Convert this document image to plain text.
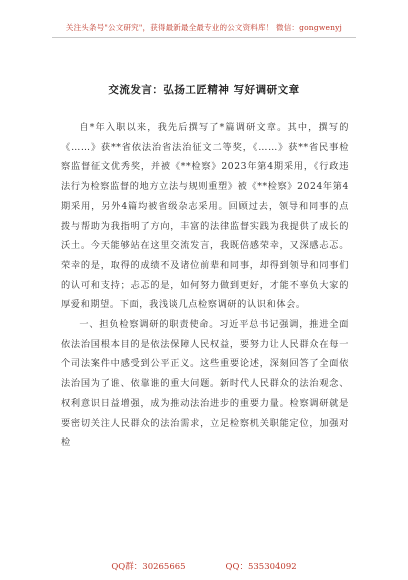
关注头条号"公文研究"，获得最新最全最专业的公文资料库！ 微信：gongwenyj
交流发言：弘扬工匠精神 写好调研文章

自*年入职以来，我先后撰写了*篇调研文章。其中，撰写的《……》获**省依法治省法治征文二等奖，《……》获**省民事检察监督征文优秀奖，并被《**检察》2023年第4期采用，《行政违法行为检察监督的地方立法与规则重塑》被《**检察》2024年第4期采用，另外4篇均被省级杂志采用。回顾过去，领导和同事的点拨与帮助为我指明了方向，丰富的法律监督实践为我提供了成长的沃土。今天能够站在这里交流发言，我既倍感荣幸，又深感忐忑。荣幸的是，取得的成绩不及诸位前辈和同事，却得到领导和同事们的认可和支持；忐忑的是，如何努力做到更好，才能不辜负大家的厚爱和期望。下面，我浅谈几点检察调研的认识和体会。

一、担负检察调研的职责使命。习近平总书记强调，推进全面依法治国根本目的是依法保障人民权益，要努力让人民群众在每一个司法案件中感受到公平正义。这些重要论述，深刻回答了全面依法治国为了谁、依靠谁的重大问题。新时代人民群众的法治观念、权利意识日益增强，成为推动法治进步的重要力量。检察调研就是要密切关注人民群众的法治需求，立足检察机关职能定位，加强对检

QQ群：30265665	QQ：535304092
